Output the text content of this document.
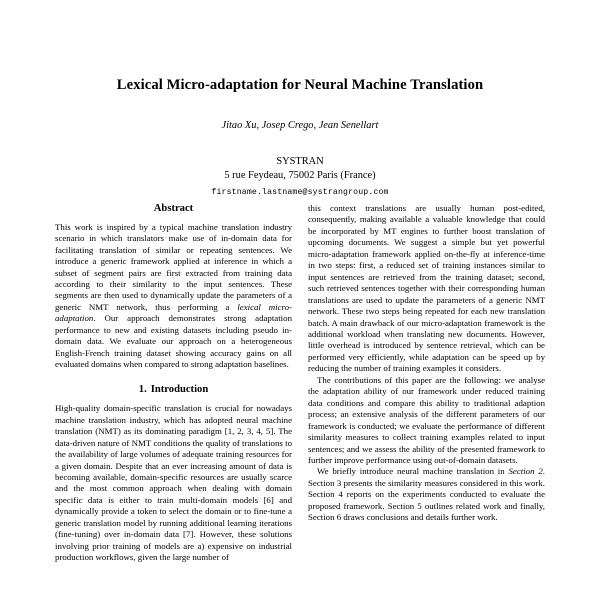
Lexical Micro-adaptation for Neural Machine Translation
Jitao Xu, Josep Crego, Jean Senellart
SYSTRAN
5 rue Feydeau, 75002 Paris (France)
firstname.lastname@systrangroup.com
Abstract

This work is inspired by a typical machine translation industry scenario in which translators make use of in-domain data for facilitating translation of similar or repeating sentences. We introduce a generic framework applied at inference in which a subset of segment pairs are first extracted from training data according to their similarity to the input sentences. These segments are then used to dynamically update the parameters of a generic NMT network, thus performing a lexical micro-adaptation. Our approach demonstrates strong adaptation performance to new and existing datasets including pseudo in-domain data. We evaluate our approach on a heterogeneous English-French training dataset showing accuracy gains on all evaluated domains when compared to strong adaptation baselines.

1. Introduction

High-quality domain-specific translation is crucial for nowadays machine translation industry, which has adopted neural machine translation (NMT) as its dominating paradigm [1, 2, 3, 4, 5]. The data-driven nature of NMT conditions the quality of translations to the availability of large volumes of adequate training resources for a given domain. Despite that an ever increasing amount of data is becoming available, domain-specific resources are usually scarce and the most common approach when dealing with domain specific data is either to train multi-domain models [6] and dynamically provide a token to select the domain or to fine-tune a generic translation model by running additional learning iterations (fine-tuning) over in-domain data [7]. However, these solutions involving prior training of models are a) expensive on industrial production workflows, given the large number of

this context translations are usually human post-edited, consequently, making available a valuable knowledge that could be incorporated by MT engines to further boost translation of upcoming documents. We suggest a simple but yet powerful micro-adaptation framework applied on-the-fly at inference-time in two steps: first, a reduced set of training instances similar to input sentences are retrieved from the training dataset; second, such retrieved sentences together with their corresponding human translations are used to update the parameters of a generic NMT network. These two steps being repeated for each new translation batch. A main drawback of our micro-adaptation framework is the additional workload when translating new documents. However, little overhead is introduced by sentence retrieval, which can be performed very efficiently, while adaptation can be speed up by reducing the number of training examples it considers.

The contributions of this paper are the following: we analyse the adaptation ability of our framework under reduced training data conditions and compare this ability to traditional adaption process; an extensive analysis of the different parameters of our framework is conducted; we evaluate the performance of different similarity measures to collect training examples related to input sentences; and we assess the ability of the presented framework to further improve performance using out-of-domain datasets.

We briefly introduce neural machine translation in Section 2. Section 3 presents the similarity measures considered in this work. Section 4 reports on the experiments conducted to evaluate the proposed framework. Section 5 outlines related work and finally, Section 6 draws conclusions and details further work.
